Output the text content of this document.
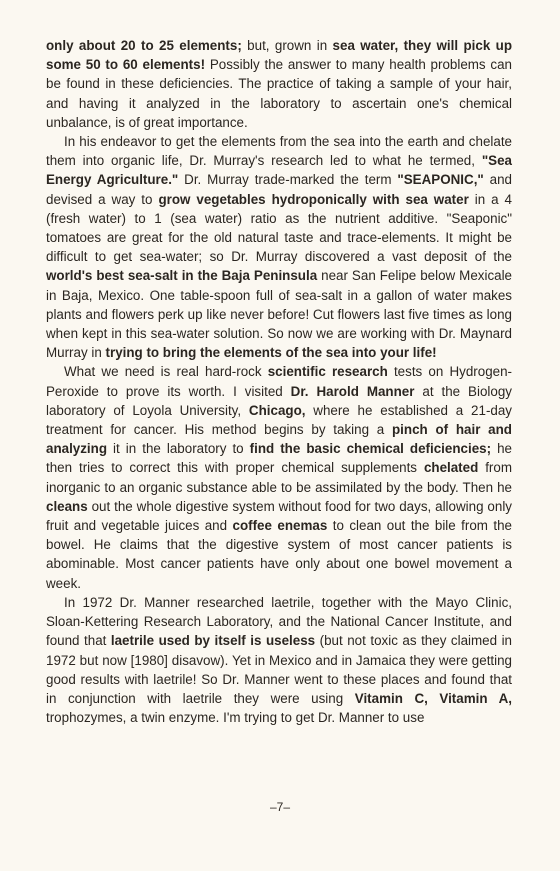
only about 20 to 25 elements; but, grown in sea water, they will pick up some 50 to 60 elements! Possibly the answer to many health problems can be found in these deficiencies. The practice of taking a sample of your hair, and having it analyzed in the laboratory to ascertain one's chemical unbalance, is of great importance.

In his endeavor to get the elements from the sea into the earth and chelate them into organic life, Dr. Murray's research led to what he termed, "Sea Energy Agriculture." Dr. Murray trade-marked the term "SEAPONIC," and devised a way to grow vegetables hydroponically with sea water in a 4 (fresh water) to 1 (sea water) ratio as the nutrient additive. "Seaponic" tomatoes are great for the old natural taste and trace-elements. It might be difficult to get sea-water; so Dr. Murray discovered a vast deposit of the world's best sea-salt in the Baja Peninsula near San Felipe below Mexicale in Baja, Mexico. One table-spoon full of sea-salt in a gallon of water makes plants and flowers perk up like never before! Cut flowers last five times as long when kept in this sea-water solution. So now we are working with Dr. Maynard Murray in trying to bring the elements of the sea into your life!

What we need is real hard-rock scientific research tests on Hydrogen-Peroxide to prove its worth. I visited Dr. Harold Manner at the Biology laboratory of Loyola University, Chicago, where he established a 21-day treatment for cancer. His method begins by taking a pinch of hair and analyzing it in the laboratory to find the basic chemical deficiencies; he then tries to correct this with proper chemical supplements chelated from inorganic to an organic substance able to be assimilated by the body. Then he cleans out the whole digestive system without food for two days, allowing only fruit and vegetable juices and coffee enemas to clean out the bile from the bowel. He claims that the digestive system of most cancer patients is abominable. Most cancer patients have only about one bowel movement a week.

In 1972 Dr. Manner researched laetrile, together with the Mayo Clinic, Sloan-Kettering Research Laboratory, and the National Cancer Institute, and found that laetrile used by itself is useless (but not toxic as they claimed in 1972 but now [1980] disavow). Yet in Mexico and in Jamaica they were getting good results with laetrile! So Dr. Manner went to these places and found that in conjunction with laetrile they were using Vitamin C, Vitamin A, trophozymes, a twin enzyme. I'm trying to get Dr. Manner to use

–7–
